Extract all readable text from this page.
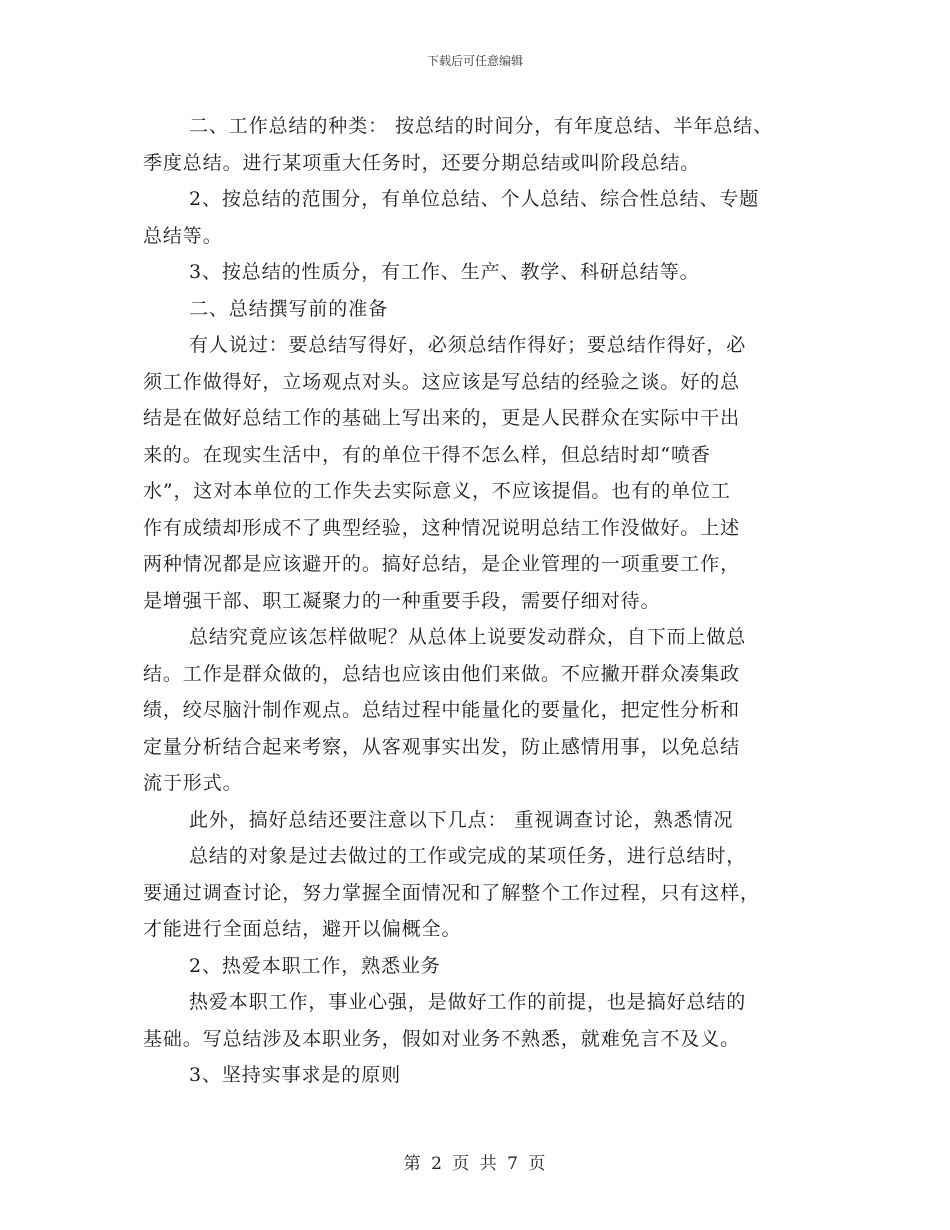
下载后可任意编辑
二、工作总结的种类： 按总结的时间分，有年度总结、半年总结、
季度总结。进行某项重大任务时，还要分期总结或叫阶段总结。
2、按总结的范围分，有单位总结、个人总结、综合性总结、专题
总结等。
3、按总结的性质分，有工作、生产、教学、科研总结等。
二、总结撰写前的准备
有人说过：要总结写得好，必须总结作得好；要总结作得好，必
须工作做得好，立场观点对头。这应该是写总结的经验之谈。好的总
结是在做好总结工作的基础上写出来的，更是人民群众在实际中干出
来的。在现实生活中，有的单位干得不怎么样，但总结时却“喷香
水”，这对本单位的工作失去实际意义，不应该提倡。也有的单位工
作有成绩却形成不了典型经验，这种情况说明总结工作没做好。上述
两种情况都是应该避开的。搞好总结，是企业管理的一项重要工作，
是增强干部、职工凝聚力的一种重要手段，需要仔细对待。
总结究竟应该怎样做呢？从总体上说要发动群众，自下而上做总
结。工作是群众做的，总结也应该由他们来做。不应撇开群众凑集政
绩，绞尽脑汁制作观点。总结过程中能量化的要量化，把定性分析和
定量分析结合起来考察，从客观事实出发，防止感情用事，以免总结
流于形式。
此外，搞好总结还要注意以下几点： 重视调查讨论，熟悉情况
总结的对象是过去做过的工作或完成的某项任务，进行总结时，
要通过调查讨论，努力掌握全面情况和了解整个工作过程，只有这样，
才能进行全面总结，避开以偏概全。
2、热爱本职工作，熟悉业务
热爱本职工作，事业心强，是做好工作的前提，也是搞好总结的
基础。写总结涉及本职业务，假如对业务不熟悉，就难免言不及义。
3、坚持实事求是的原则
第 2 页 共 7 页
